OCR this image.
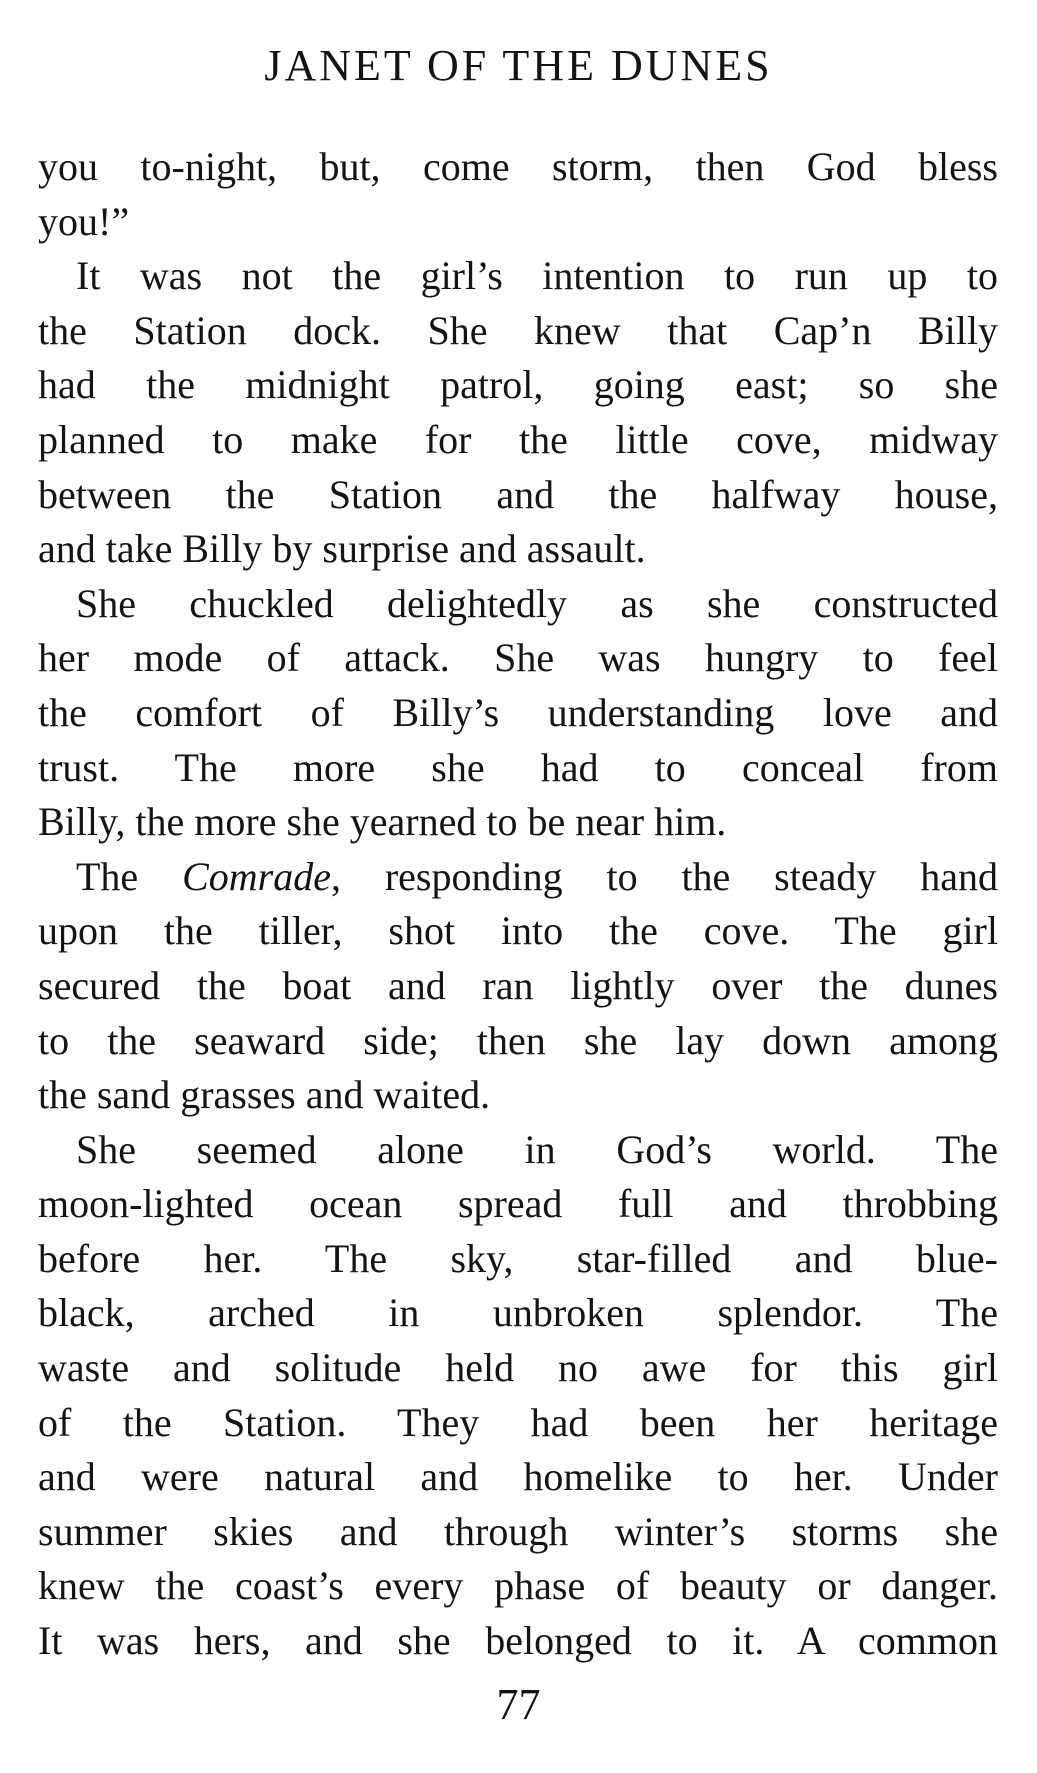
JANET OF THE DUNES
you to-night, but, come storm, then God bless
you!”
It was not the girl’s intention to run up to
the Station dock. She knew that Cap’n Billy
had the midnight patrol, going east; so she
planned to make for the little cove, midway
between the Station and the halfway house,
and take Billy by surprise and assault.
She chuckled delightedly as she constructed
her mode of attack. She was hungry to feel
the comfort of Billy’s understanding love and
trust. The more she had to conceal from
Billy, the more she yearned to be near him.
The Comrade, responding to the steady hand
upon the tiller, shot into the cove. The girl
secured the boat and ran lightly over the dunes
to the seaward side; then she lay down among
the sand grasses and waited.
She seemed alone in God’s world. The
moon-lighted ocean spread full and throbbing
before her. The sky, star-filled and blue-
black, arched in unbroken splendor. The
waste and solitude held no awe for this girl
of the Station. They had been her heritage
and were natural and homelike to her. Under
summer skies and through winter’s storms she
knew the coast’s every phase of beauty or danger.
It was hers, and she belonged to it. A common
77
